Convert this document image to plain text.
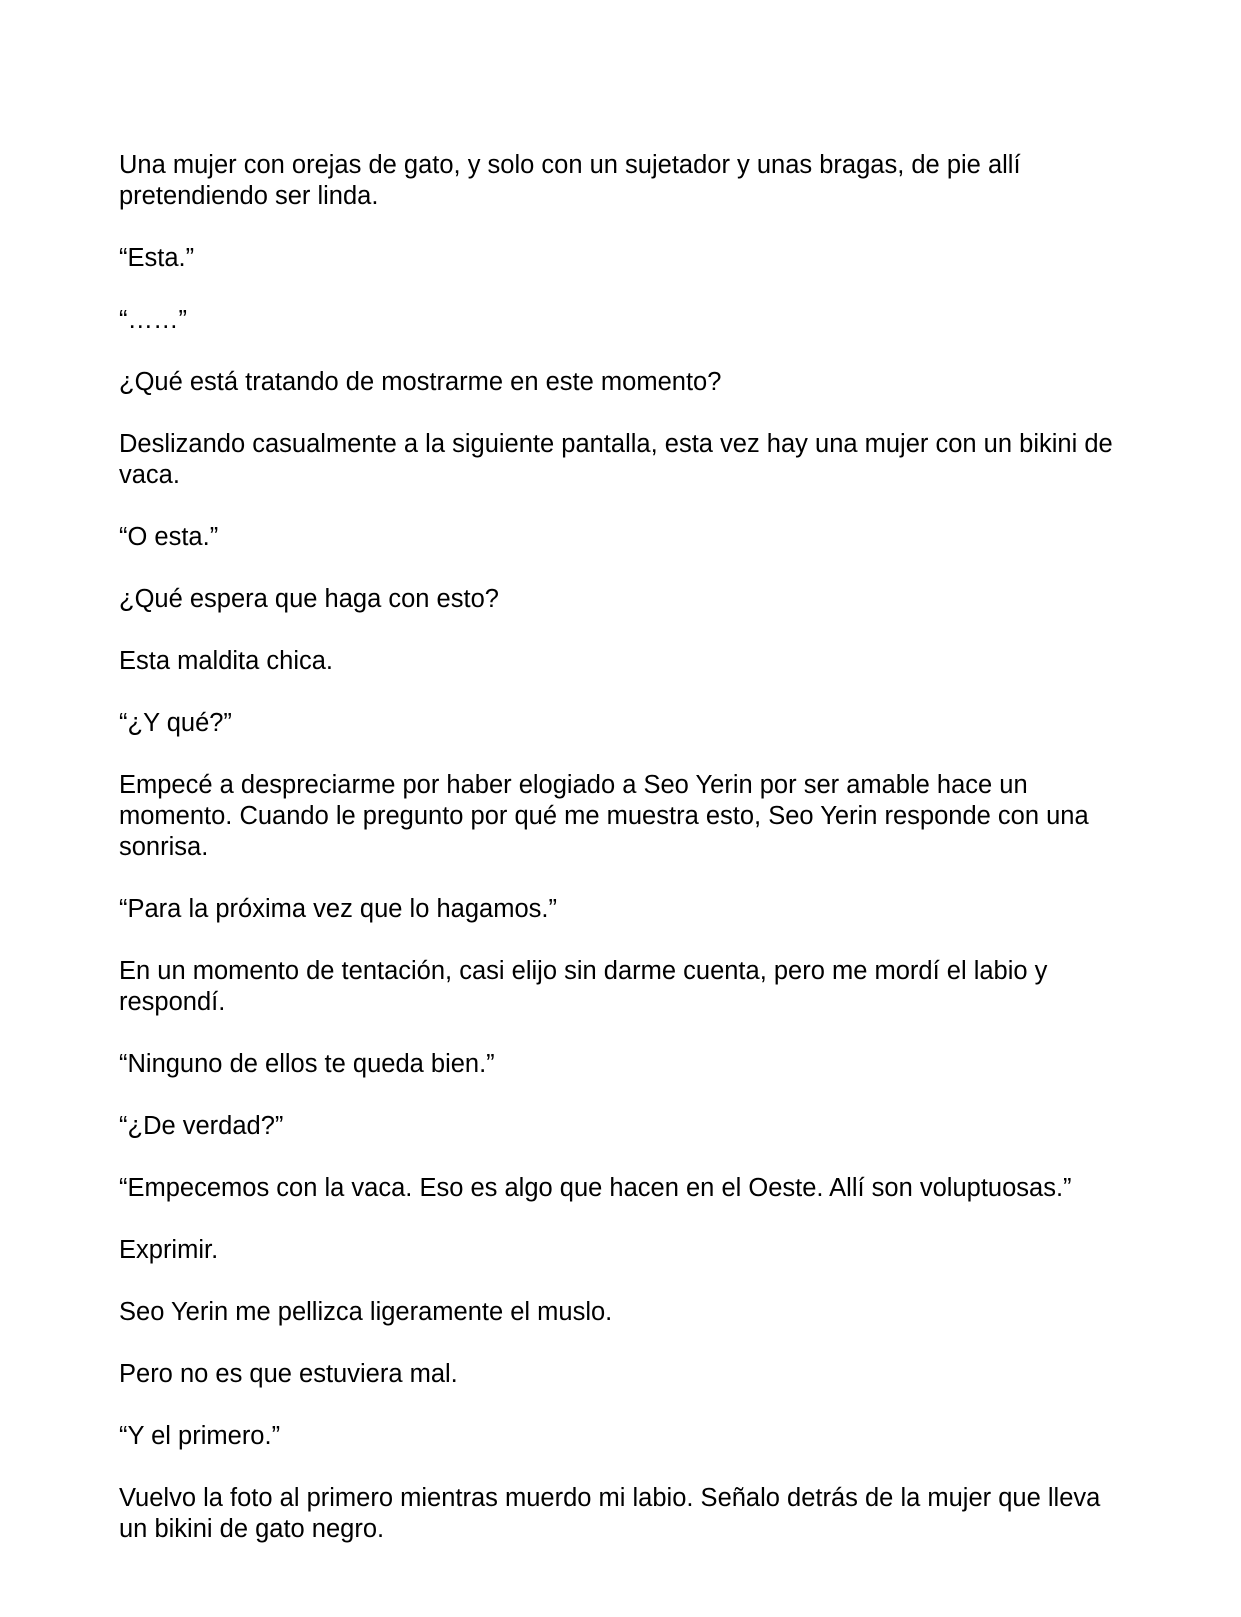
Una mujer con orejas de gato, y solo con un sujetador y unas bragas, de pie allí pretendiendo ser linda.

“Esta.”

“……”

¿Qué está tratando de mostrarme en este momento?

Deslizando casualmente a la siguiente pantalla, esta vez hay una mujer con un bikini de vaca.

“O esta.”

¿Qué espera que haga con esto?

Esta maldita chica.

“¿Y qué?”

Empecé a despreciarme por haber elogiado a Seo Yerin por ser amable hace un momento. Cuando le pregunto por qué me muestra esto, Seo Yerin responde con una sonrisa.

“Para la próxima vez que lo hagamos.”

En un momento de tentación, casi elijo sin darme cuenta, pero me mordí el labio y respondí.

“Ninguno de ellos te queda bien.”

“¿De verdad?”

“Empecemos con la vaca. Eso es algo que hacen en el Oeste. Allí son voluptuosas.”

Exprimir.

Seo Yerin me pellizca ligeramente el muslo.

Pero no es que estuviera mal.

“Y el primero.”

Vuelvo la foto al primero mientras muerdo mi labio. Señalo detrás de la mujer que lleva un bikini de gato negro.
